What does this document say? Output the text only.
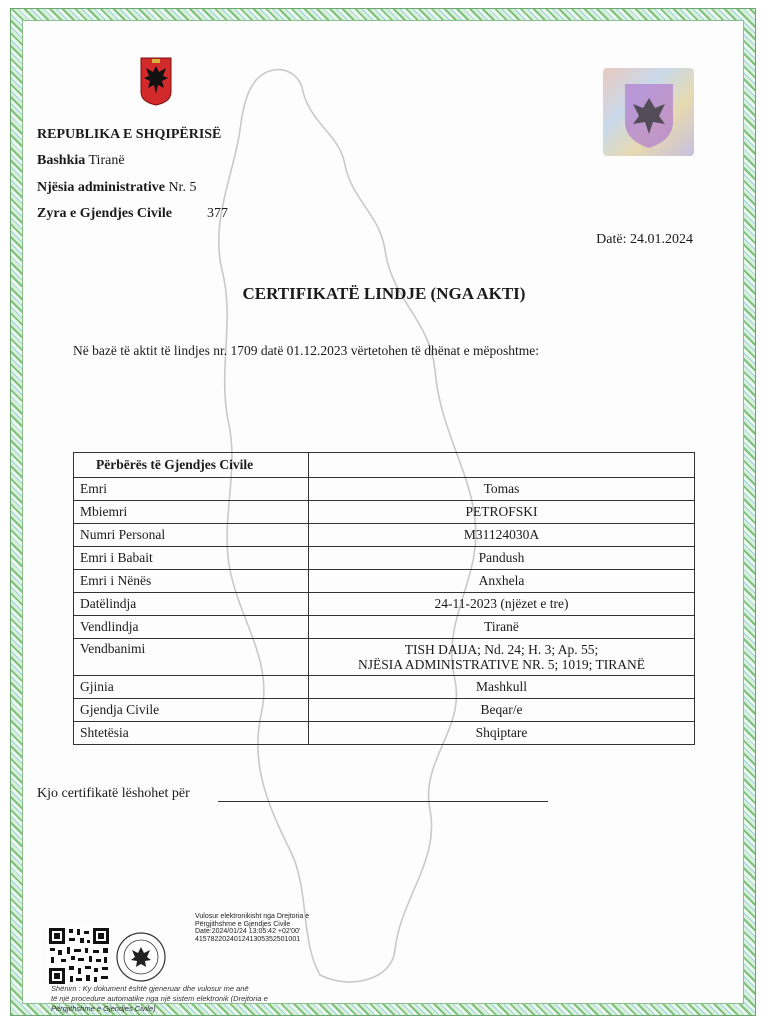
REPUBLIKA E SHQIPËRISË
Bashkia Tiranë
Njësia administrative Nr. 5
Zyra e Gjendjes Civile	377
Datë: 24.01.2024
CERTIFIKATË LINDJE (NGA AKTI)
Në bazë të aktit të lindjes nr. 1709 datë 01.12.2023 vërtetohen të dhënat e mëposhtme:
Përbërës të Gjendjes Civile	
Emri	Tomas
Mbiemri	PETROFSKI
Numri Personal	M31124030A
Emri i Babait	Pandush
Emri i Nënës	Anxhela
Datëlindja	24-11-2023 (njëzet e tre)
Vendlindja	Tiranë
Vendbanimi	TISH DAIJA; Nd. 24; H. 3; Ap. 55;
NJËSIA ADMINISTRATIVE NR. 5; 1019; TIRANË

Gjinia	Mashkull
Gjendja Civile	Beqar/e
Shtetësia	Shqiptare
Kjo certifikatë lëshohet për
Vulosur elektronikisht nga Drejtoria e
Përgjithshme e Gjendjes Civile
Date:2024/01/24 13:05:42 +02'00'
41578220240124130535250100​1
Shënim : Ky dokument është gjeneruar dhe vulosur me anë
të një procedure automatike nga një sistem elektronik (Drejtoria e
Përgjithshme e Gjendjes Civile)
